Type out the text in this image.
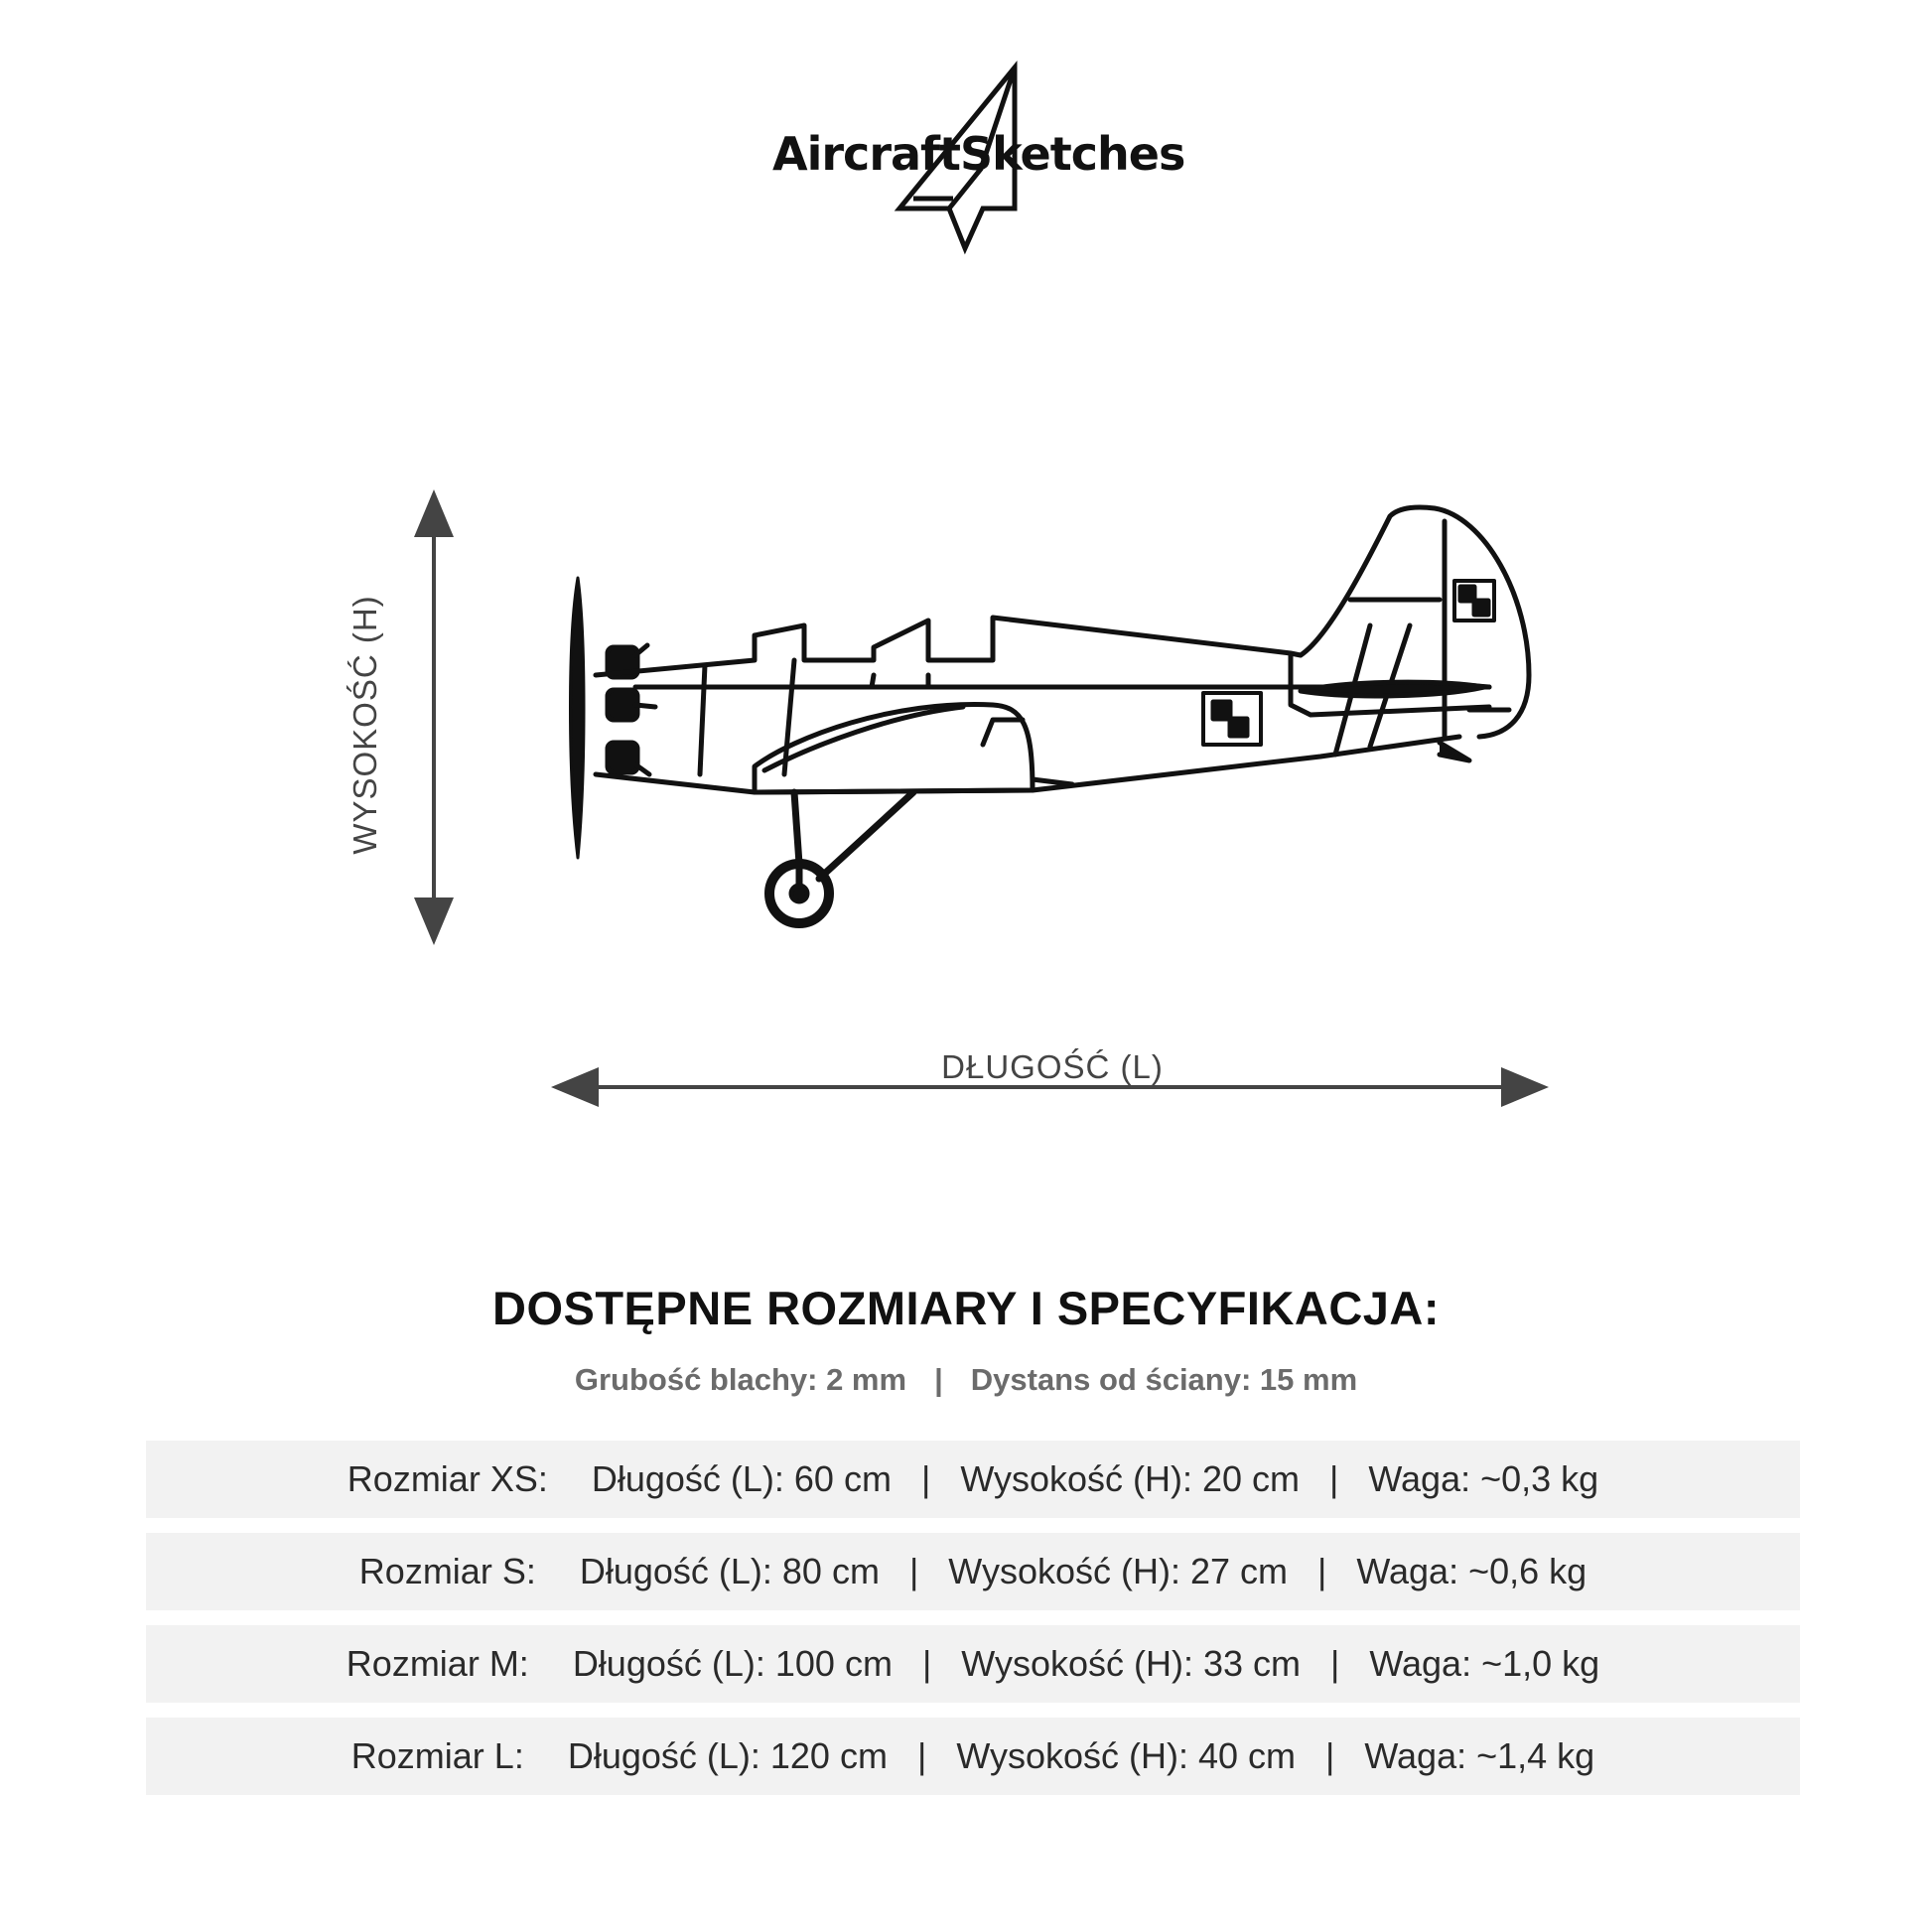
AircraftSketches
WYSOKOŚĆ (H)
DŁUGOŚĆ (L)
DOSTĘPNE ROZMIARY I SPECYFIKACJA:
Grubość blachy: 2 mm | Dystans od ściany: 15 mm
Rozmiar XS: Długość (L): 60 cm | Wysokość (H): 20 cm | Waga: ~0,3 kg
Rozmiar S: Długość (L): 80 cm | Wysokość (H): 27 cm | Waga: ~0,6 kg
Rozmiar M: Długość (L): 100 cm | Wysokość (H): 33 cm | Waga: ~1,0 kg
Rozmiar L: Długość (L): 120 cm | Wysokość (H): 40 cm | Waga: ~1,4 kg
